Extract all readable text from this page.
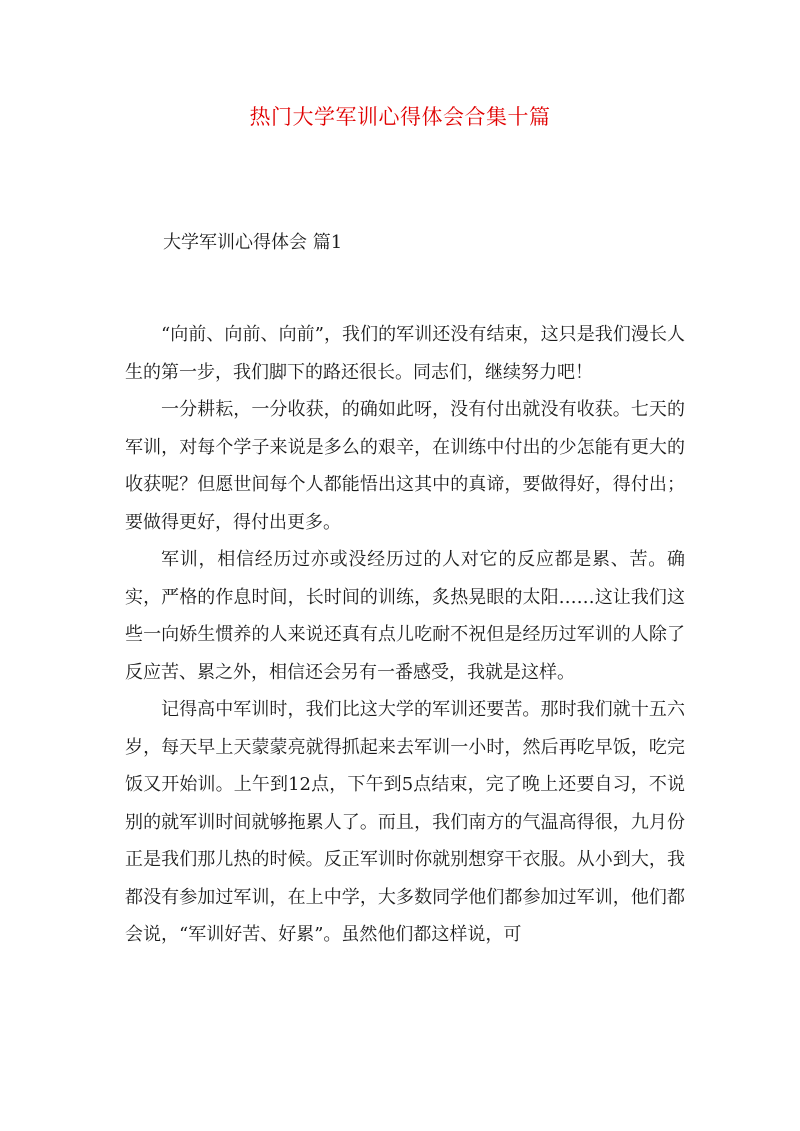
热门大学军训心得体会合集十篇
大学军训心得体会 篇1

“向前、向前、向前”，我们的军训还没有结束，这只是我们漫长人生的第一步，我们脚下的路还很长。同志们，继续努力吧！

一分耕耘，一分收获，的确如此呀，没有付出就没有收获。七天的军训，对每个学子来说是多么的艰辛，在训练中付出的少怎能有更大的收获呢？但愿世间每个人都能悟出这其中的真谛，要做得好，得付出；要做得更好，得付出更多。

军训，相信经历过亦或没经历过的人对它的反应都是累、苦。确实，严格的作息时间，长时间的训练，炙热晃眼的太阳……这让我们这些一向娇生惯养的人来说还真有点儿吃耐不祝但是经历过军训的人除了反应苦、累之外，相信还会另有一番感受，我就是这样。

记得高中军训时，我们比这大学的军训还要苦。那时我们就十五六岁，每天早上天蒙蒙亮就得抓起来去军训一小时，然后再吃早饭，吃完饭又开始训。上午到12点，下午到5点结束，完了晚上还要自习，不说别的就军训时间就够拖累人了。而且，我们南方的气温高得很，九月份正是我们那儿热的时候。反正军训时你就别想穿干衣服。从小到大，我都没有参加过军训，在上中学，大多数同学他们都参加过军训，他们都会说，“军训好苦、好累”。虽然他们都这样说，可
